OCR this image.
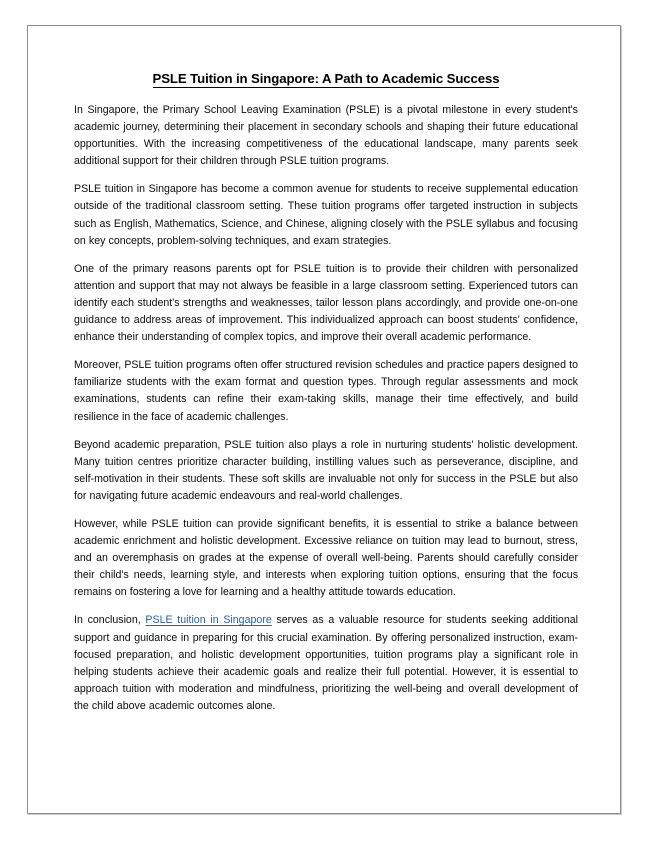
PSLE Tuition in Singapore: A Path to Academic Success

In Singapore, the Primary School Leaving Examination (PSLE) is a pivotal milestone in every student's academic journey, determining their placement in secondary schools and shaping their future educational opportunities. With the increasing competitiveness of the educational landscape, many parents seek additional support for their children through PSLE tuition programs.

PSLE tuition in Singapore has become a common avenue for students to receive supplemental education outside of the traditional classroom setting. These tuition programs offer targeted instruction in subjects such as English, Mathematics, Science, and Chinese, aligning closely with the PSLE syllabus and focusing on key concepts, problem-solving techniques, and exam strategies.

One of the primary reasons parents opt for PSLE tuition is to provide their children with personalized attention and support that may not always be feasible in a large classroom setting. Experienced tutors can identify each student's strengths and weaknesses, tailor lesson plans accordingly, and provide one-on-one guidance to address areas of improvement. This individualized approach can boost students' confidence, enhance their understanding of complex topics, and improve their overall academic performance.

Moreover, PSLE tuition programs often offer structured revision schedules and practice papers designed to familiarize students with the exam format and question types. Through regular assessments and mock examinations, students can refine their exam-taking skills, manage their time effectively, and build resilience in the face of academic challenges.

Beyond academic preparation, PSLE tuition also plays a role in nurturing students' holistic development. Many tuition centres prioritize character building, instilling values such as perseverance, discipline, and self-motivation in their students. These soft skills are invaluable not only for success in the PSLE but also for navigating future academic endeavours and real-world challenges.

However, while PSLE tuition can provide significant benefits, it is essential to strike a balance between academic enrichment and holistic development. Excessive reliance on tuition may lead to burnout, stress, and an overemphasis on grades at the expense of overall well-being. Parents should carefully consider their child's needs, learning style, and interests when exploring tuition options, ensuring that the focus remains on fostering a love for learning and a healthy attitude towards education.

In conclusion, PSLE tuition in Singapore serves as a valuable resource for students seeking additional support and guidance in preparing for this crucial examination. By offering personalized instruction, exam-focused preparation, and holistic development opportunities, tuition programs play a significant role in helping students achieve their academic goals and realize their full potential. However, it is essential to approach tuition with moderation and mindfulness, prioritizing the well-being and overall development of the child above academic outcomes alone.
